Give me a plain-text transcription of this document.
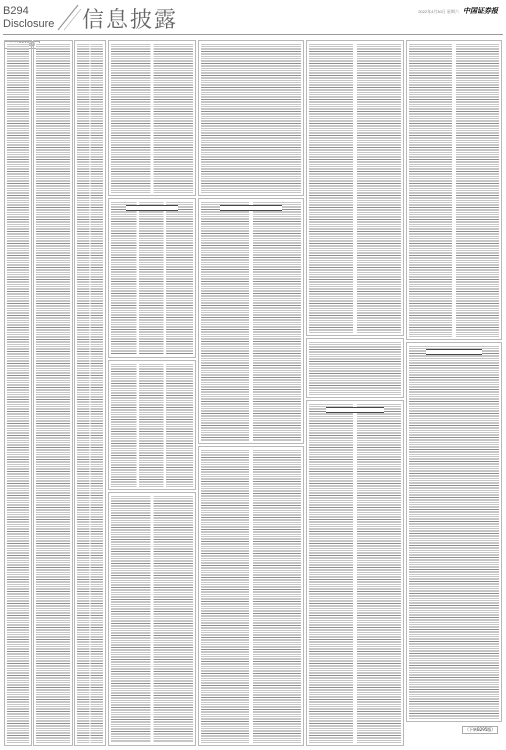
B294
Disclosure 信息披露	2022年4月30日 星期六 中国证券报
（下转B295版）
